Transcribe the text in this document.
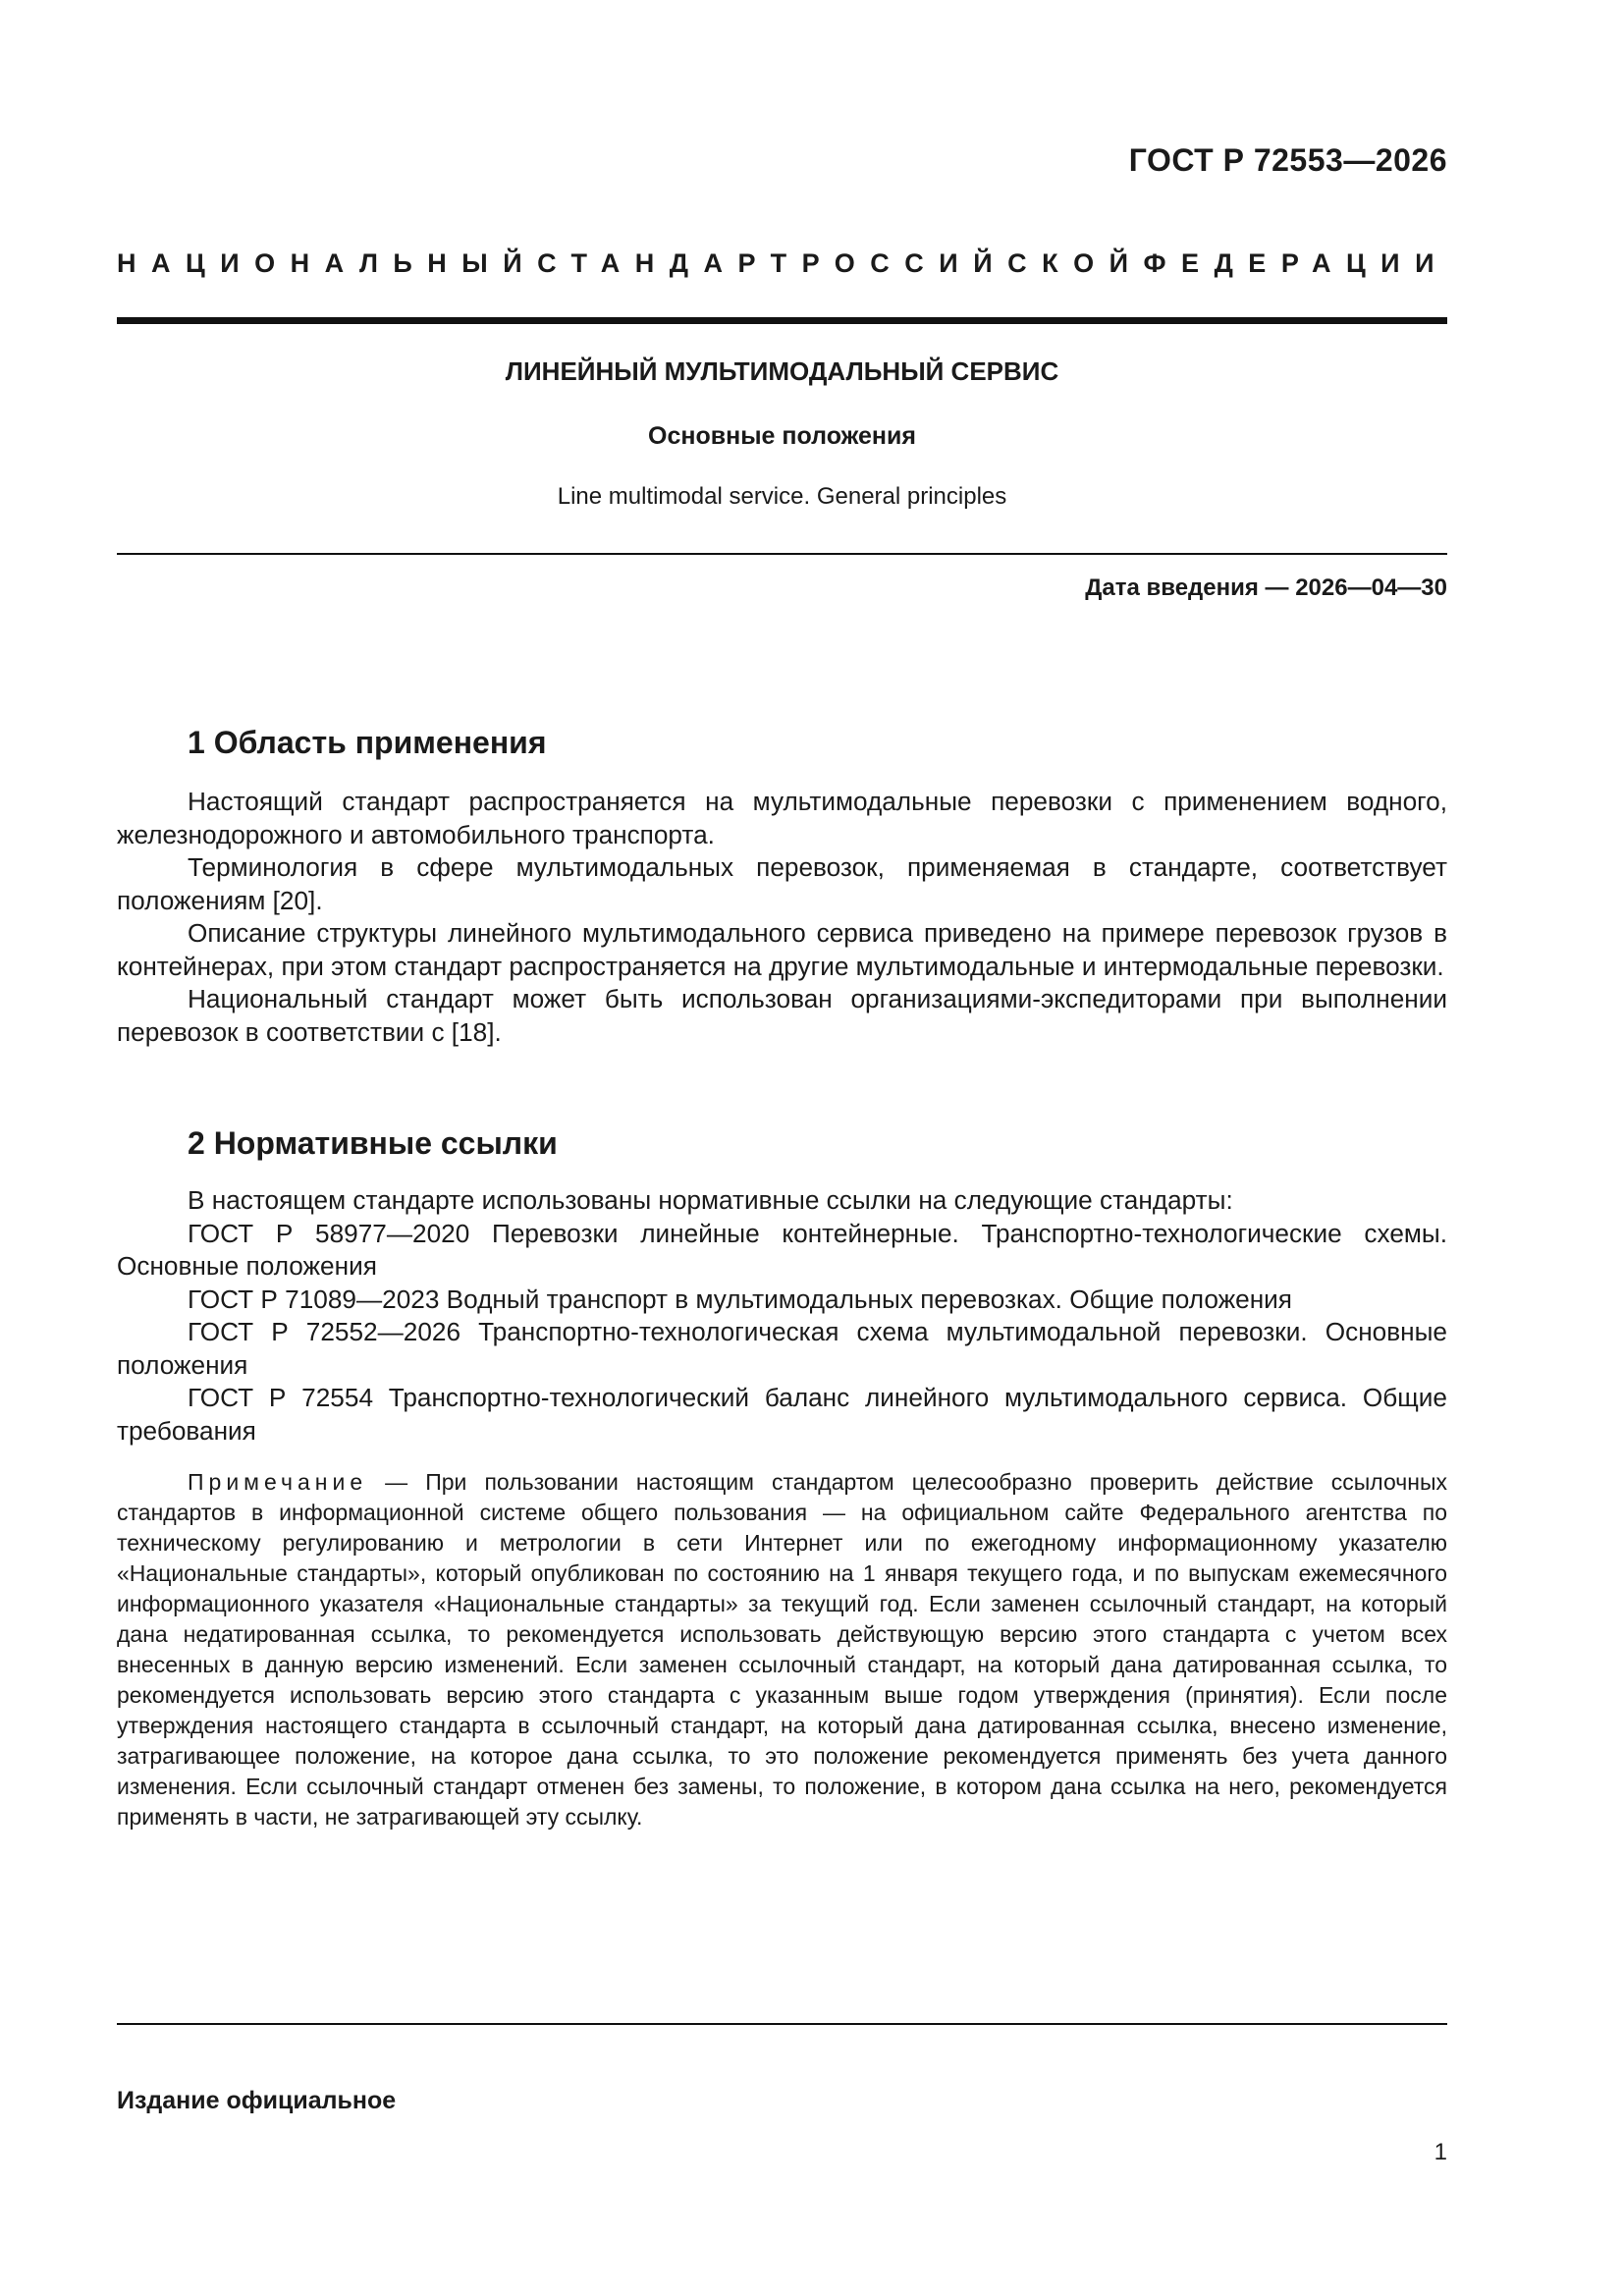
ГОСТ Р 72553—2026
НАЦИОНАЛЬНЫЙ СТАНДАРТ РОССИЙСКОЙ ФЕДЕРАЦИИ
ЛИНЕЙНЫЙ МУЛЬТИМОДАЛЬНЫЙ СЕРВИС
Основные положения
Line multimodal service. General principles
Дата введения — 2026—04—30
1 Область применения

Настоящий стандарт распространяется на мультимодальные перевозки с применением водного, железнодорожного и автомобильного транспорта.

Терминология в сфере мультимодальных перевозок, применяемая в стандарте, соответствует положениям [20].

Описание структуры линейного мультимодального сервиса приведено на примере перевозок грузов в контейнерах, при этом стандарт распространяется на другие мультимодальные и интермодальные перевозки.

Национальный стандарт может быть использован организациями-экспедиторами при выполнении перевозок в соответствии с [18].

2 Нормативные ссылки

В настоящем стандарте использованы нормативные ссылки на следующие стандарты:

ГОСТ Р 58977—2020 Перевозки линейные контейнерные. Транспортно-технологические схемы. Основные положения

ГОСТ Р 71089—2023 Водный транспорт в мультимодальных перевозках. Общие положения

ГОСТ Р 72552—2026 Транспортно-технологическая схема мультимодальной перевозки. Основные положения

ГОСТ Р 72554 Транспортно-технологический баланс линейного мультимодального сервиса. Общие требования

Примечание — При пользовании настоящим стандартом целесообразно проверить действие ссылочных стандартов в информационной системе общего пользования — на официальном сайте Федерального агентства по техническому регулированию и метрологии в сети Интернет или по ежегодному информационному указателю «Национальные стандарты», который опубликован по состоянию на 1 января текущего года, и по выпускам ежемесячного информационного указателя «Национальные стандарты» за текущий год. Если заменен ссылочный стандарт, на который дана недатированная ссылка, то рекомендуется использовать действующую версию этого стандарта с учетом всех внесенных в данную версию изменений. Если заменен ссылочный стандарт, на который дана датированная ссылка, то рекомендуется использовать версию этого стандарта с указанным выше годом утверждения (принятия). Если после утверждения настоящего стандарта в ссылочный стандарт, на который дана датированная ссылка, внесено изменение, затрагивающее положение, на которое дана ссылка, то это положение рекомендуется применять без учета данного изменения. Если ссылочный стандарт отменен без замены, то положение, в котором дана ссылка на него, рекомендуется применять в части, не затрагивающей эту ссылку.

Издание официальное
1
